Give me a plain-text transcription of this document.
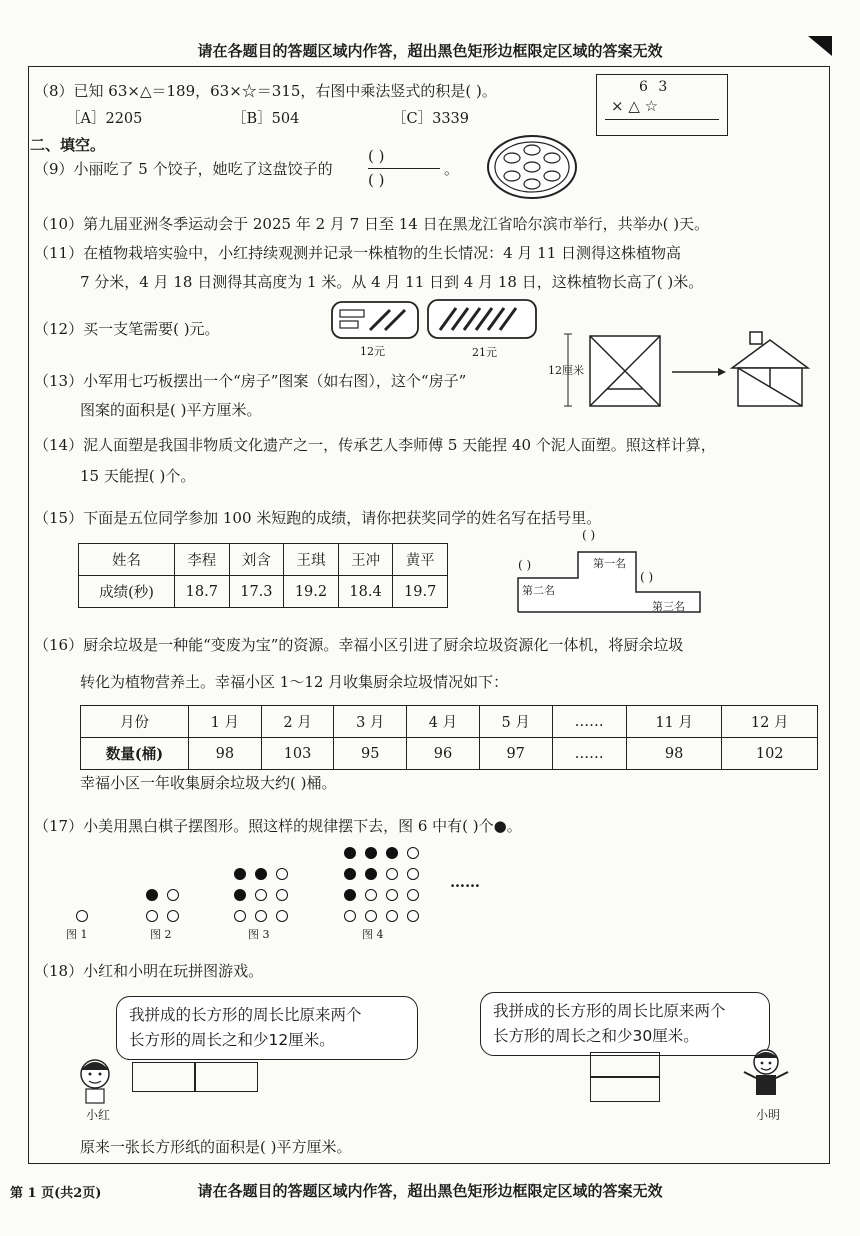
请在各题目的答题区域内作答，超出黑色矩形边框限定区域的答案无效
（8）已知 63×△＝189，63×☆＝315，右图中乘法竖式的积是( )。
［A］2205	［B］504	［C］3339
6 3
× △ ☆
二、填空。
（9）小丽吃了 5 个饺子，她吃了这盘饺子的
( )
( )
。
（10）第九届亚洲冬季运动会于 2025 年 2 月 7 日至 14 日在黑龙江省哈尔滨市举行，共举办( )天。
（11）在植物栽培实验中，小红持续观测并记录一株植物的生长情况：4 月 11 日测得这株植物高
7 分米，4 月 18 日测得其高度为 1 米。从 4 月 11 日到 4 月 18 日，这株植物长高了( )米。
（12）买一支笔需要( )元。
12元	21元
（13）小军用七巧板摆出一个“房子”图案（如右图），这个“房子”
图案的面积是( )平方厘米。
12厘米
（14）泥人面塑是我国非物质文化遗产之一，传承艺人李师傅 5 天能捏 40 个泥人面塑。照这样计算，
15 天能捏( )个。
（15）下面是五位同学参加 100 米短跑的成绩，请你把获奖同学的姓名写在括号里。
姓名	李程	刘含	王琪	王冲	黄平
成绩(秒)	18.7	17.3	19.2	18.4	19.7
( )
( )
( )
第一名
第二名
第三名
（16）厨余垃圾是一种能“变废为宝”的资源。幸福小区引进了厨余垃圾资源化一体机，将厨余垃圾
转化为植物营养土。幸福小区 1～12 月收集厨余垃圾情况如下：
月份	1 月	2 月	3 月	4 月	5 月	……	11 月	12 月
数量(桶)	98	103	95	96	97	……	98	102
幸福小区一年收集厨余垃圾大约( )桶。
（17）小美用黑白棋子摆图形。照这样的规律摆下去，图 6 中有( )个●。
图 1	图 2	图 3	图 4
……
（18）小红和小明在玩拼图游戏。
我拼成的长方形的周长比原来两个
长方形的周长之和少12厘米。
我拼成的长方形的周长比原来两个
长方形的周长之和少30厘米。
小红	小明
原来一张长方形纸的面积是( )平方厘米。
第 1 页(共2页)	请在各题目的答题区域内作答，超出黑色矩形边框限定区域的答案无效
